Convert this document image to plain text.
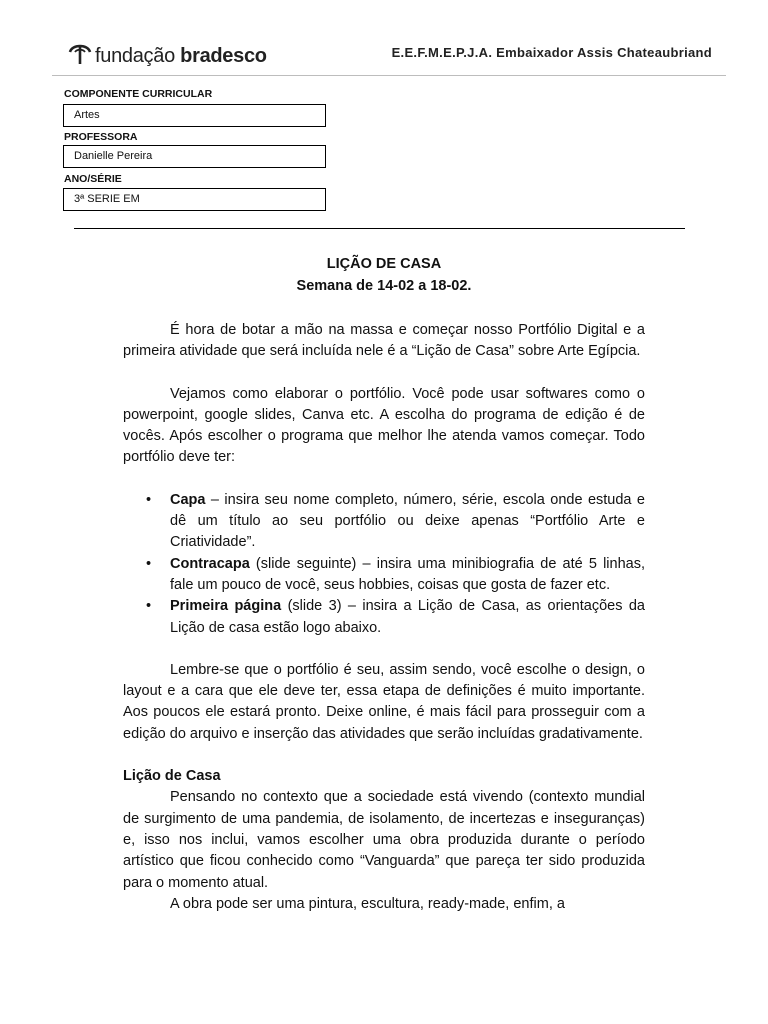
fundação bradesco	E.E.F.M.E.P.J.A. Embaixador Assis Chateaubriand
COMPONENTE CURRICULAR
Artes
PROFESSORA
Danielle Pereira
ANO/SÉRIE
3ª SERIE EM
LIÇÃO DE CASA
Semana de 14-02 a 18-02.

É hora de botar a mão na massa e começar nosso Portfólio Digital e a primeira atividade que será incluída nele é a “Lição de Casa” sobre Arte Egípcia.

Vejamos como elaborar o portfólio. Você pode usar softwares como o powerpoint, google slides, Canva etc. A escolha do programa de edição é de vocês. Após escolher o programa que melhor lhe atenda vamos começar. Todo portfólio deve ter:

• Capa – insira seu nome completo, número, série, escola onde estuda e dê um título ao seu portfólio ou deixe apenas “Portfólio Arte e Criatividade”.
• Contracapa (slide seguinte) – insira uma minibiografia de até 5 linhas, fale um pouco de você, seus hobbies, coisas que gosta de fazer etc.
• Primeira página (slide 3) – insira a Lição de Casa, as orientações da Lição de casa estão logo abaixo.

Lembre-se que o portfólio é seu, assim sendo, você escolhe o design, o layout e a cara que ele deve ter, essa etapa de definições é muito importante. Aos poucos ele estará pronto. Deixe online, é mais fácil para prosseguir com a edição do arquivo e inserção das atividades que serão incluídas gradativamente.

Lição de Casa

Pensando no contexto que a sociedade está vivendo (contexto mundial de surgimento de uma pandemia, de isolamento, de incertezas e inseguranças) e, isso nos inclui, vamos escolher uma obra produzida durante o período artístico que ficou conhecido como “Vanguarda” que pareça ter sido produzida para o momento atual.

A obra pode ser uma pintura, escultura, ready-made, enfim, a
